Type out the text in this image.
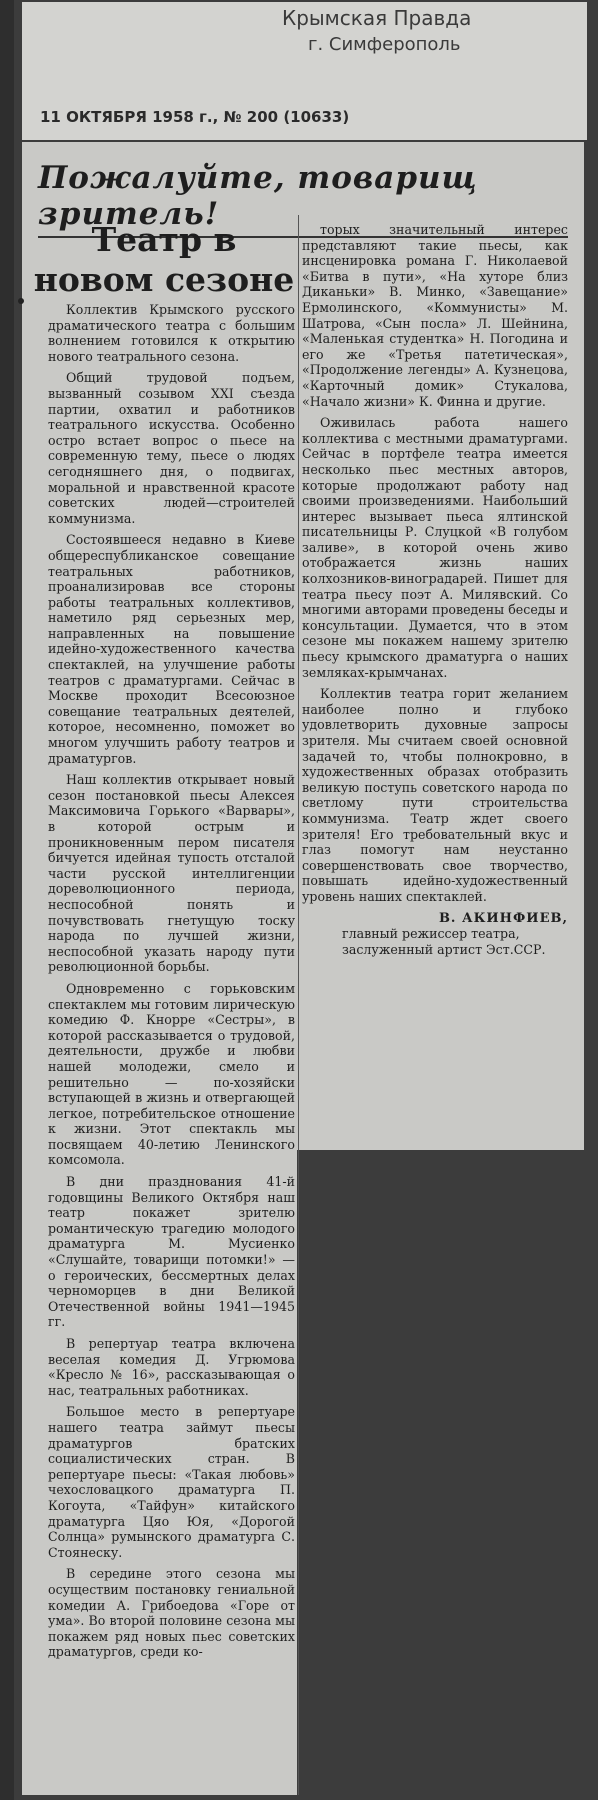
Крымская Правда
г. Симферополь
11 ОКТЯБРЯ 1958 г., № 200 (10633)
Пожалуйте, товарищ зритель!
Театр в новом сезоне

Коллектив Крымского русского драматического театра с большим волнением готовился к открытию нового театрального сезона.

Общий трудовой подъем, вызванный созывом XXI съезда партии, охватил и работников театрального искусства. Особенно остро встает вопрос о пьесе на современную тему, пьесе о людях сегодняшнего дня, о подвигах, моральной и нравственной красоте советских людей—строителей коммунизма.

Состоявшееся недавно в Киеве общереспубликанское совещание театральных работников, проанализировав все стороны работы театральных коллективов, наметило ряд серьезных мер, направленных на повышение идейно-художественного качества спектаклей, на улучшение работы театров с драматургами. Сейчас в Москве проходит Всесоюзное совещание театральных деятелей, которое, несомненно, поможет во многом улучшить работу театров и драматургов.

Наш коллектив открывает новый сезон постановкой пьесы Алексея Максимовича Горького «Варвары», в которой острым и проникновенным пером писателя бичуется идейная тупость отсталой части русской интеллигенции дореволюционного периода, неспособной понять и почувствовать гнетущую тоску народа по лучшей жизни, неспособной указать народу пути революционной борьбы.

Одновременно с горьковским спектаклем мы готовим лирическую комедию Ф. Кнорре «Сестры», в которой рассказывается о трудовой, деятельности, дружбе и любви нашей молодежи, смело и решительно — по-хозяйски вступающей в жизнь и отвергающей легкое, потребительское отношение к жизни. Этот спектакль мы посвящаем 40-летию Ленинского комсомола.

В дни празднования 41-й годовщины Великого Октября наш театр покажет зрителю романтическую трагедию молодого драматурга М. Мусиенко «Слушайте, товарищи потомки!» — о героических, бессмертных делах черноморцев в дни Великой Отечественной войны 1941—1945 гг.

В репертуар театра включена веселая комедия Д. Угрюмова «Кресло № 16», рассказывающая о нас, театральных работниках.

Большое место в репертуаре нашего театра займут пьесы драматургов братских социалистических стран. В репертуаре пьесы: «Такая любовь» чехословацкого драматурга П. Когоута, «Тайфун» китайского драматурга Цяо Юя, «Дорогой Солнца» румынского драматурга С. Стоянеску.

В середине этого сезона мы осуществим постановку гениальной комедии А. Грибоедова «Горе от ума». Во второй половине сезона мы покажем ряд новых пьес советских драматургов, среди ко-

торых значительный интерес представляют такие пьесы, как инсценировка романа Г. Николаевой «Битва в пути», «На хуторе близ Диканьки» В. Минко, «Завещание» Ермолинского, «Коммунисты» М. Шатрова, «Сын посла» Л. Шейнина, «Маленькая студентка» Н. Погодина и его же «Третья патетическая», «Продолжение легенды» А. Кузнецова, «Карточный домик» Стукалова, «Начало жизни» К. Финна и другие.

Оживилась работа нашего коллектива с местными драматургами. Сейчас в портфеле театра имеется несколько пьес местных авторов, которые продолжают работу над своими произведениями. Наибольший интерес вызывает пьеса ялтинской писательницы Р. Слуцкой «В голубом заливе», в которой очень живо отображается жизнь наших колхозников-виноградарей. Пишет для театра пьесу поэт А. Милявский. Со многими авторами проведены беседы и консультации. Думается, что в этом сезоне мы покажем нашему зрителю пьесу крымского драматурга о наших земляках-крымчанах.

Коллектив театра горит желанием наиболее полно и глубоко удовлетворить духовные запросы зрителя. Мы считаем своей основной задачей то, чтобы полнокровно, в художественных образах отобразить великую поступь советского народа по светлому пути строительства коммунизма. Театр ждет своего зрителя! Его требовательный вкус и глаз помогут нам неустанно совершенствовать свое творчество, повышать идейно-художественный уровень наших спектаклей.

В. АКИНФИЕВ,
главный режиссер театра, заслуженный артист Эст.ССР.
